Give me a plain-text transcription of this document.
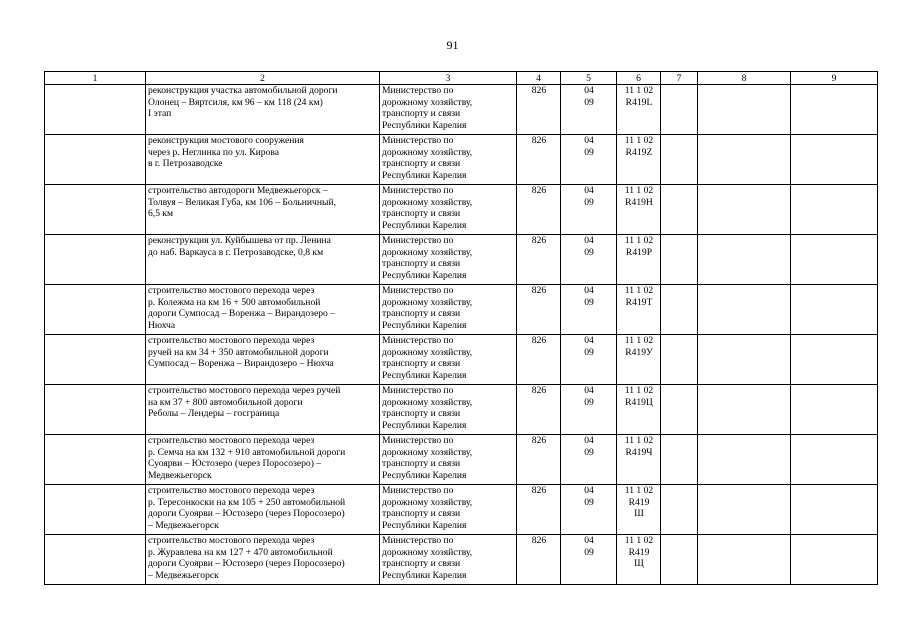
91
1	2	3	4	5	6	7	8	9

	реконструкция участка автомобильной дороги
Олонец – Вяртсиля, км 96 – км 118 (24 км)
I этап	Министерство по
дорожному хозяйству,
транспорту и связи
Республики Карелия	826	04
09	11 1 02
R419L			

	реконструкция мостового сооружения
через р. Неглинка по ул. Кирова
в г. Петрозаводске	Министерство по
дорожному хозяйству,
транспорту и связи
Республики Карелия	826	04
09	11 1 02
R419Z			

	строительство автодороги Медвежьегорск –
Толвуя – Великая Губа, км 106 – Больничный,
6,5 км	Министерство по
дорожному хозяйству,
транспорту и связи
Республики Карелия	826	04
09	11 1 02
R419H			

	реконструкция ул. Куйбышева от пр. Ленина
до наб. Варкауса в г. Петрозаводске, 0,8 км	Министерство по
дорожному хозяйству,
транспорту и связи
Республики Карелия	826	04
09	11 1 02
R419P			

	строительство мостового перехода через
р. Колежма на км 16 + 500 автомобильной
дороги Сумпосад – Воренжа – Вирандозеро –
Нюхча	Министерство по
дорожному хозяйству,
транспорту и связи
Республики Карелия	826	04
09	11 1 02
R419T			

	строительство мостового перехода через
ручей на км 34 + 350 автомобильной дороги
Сумпосад – Воренжа – Вирандозеро – Нюхча	Министерство по
дорожному хозяйству,
транспорту и связи
Республики Карелия	826	04
09	11 1 02
R419У			

	строительство мостового перехода через ручей
на км 37 + 800 автомобильной дороги
Реболы – Лендеры – госграница	Министерство по
дорожному хозяйству,
транспорту и связи
Республики Карелия	826	04
09	11 1 02
R419Ц			

	строительство мостового перехода через
р. Семча на км 132 + 910 автомобильной дороги
Суоярви – Юстозеро (через Поросозеро) –
Медвежьегорск	Министерство по
дорожному хозяйству,
транспорту и связи
Республики Карелия	826	04
09	11 1 02
R419Ч			

	строительство мостового перехода через
р. Тересонкоски на км 105 + 250 автомобильной
дороги Суоярви – Юстозеро (через Поросозеро)
– Медвежьегорск	Министерство по
дорожному хозяйству,
транспорту и связи
Республики Карелия	826	04
09	11 1 02
R419
Ш			

	строительство мостового перехода через
р. Журавлева на км 127 + 470 автомобильной
дороги Суоярви – Юстозеро (через Поросозеро)
– Медвежьегорск	Министерство по
дорожному хозяйству,
транспорту и связи
Республики Карелия	826	04
09	11 1 02
R419
Щ			
